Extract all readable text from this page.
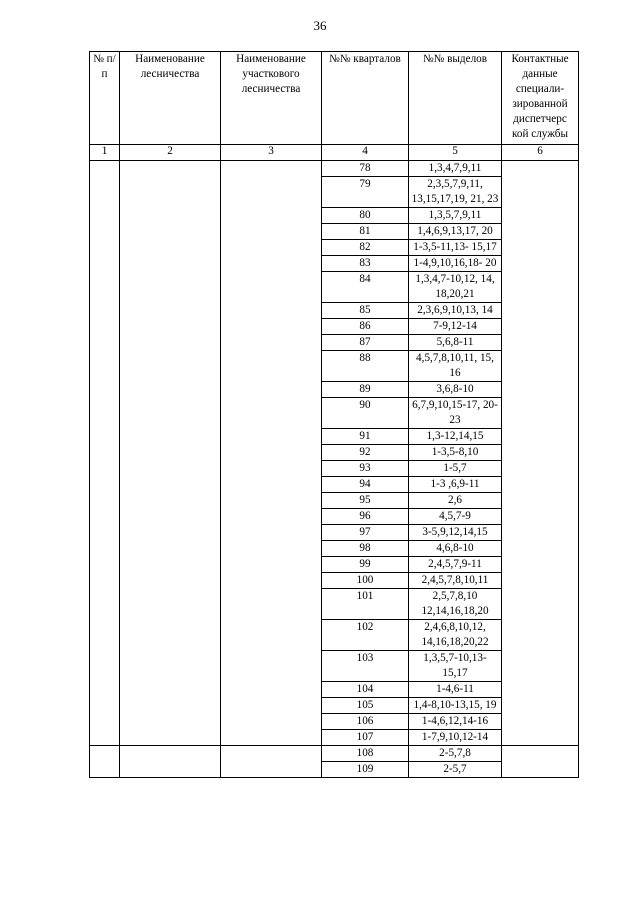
36
№ п/п	Наименование лесничества	Наименование участкового лесничества	№№ кварталов	№№ выделов	Контактные данные специали-зированной диспетчерс кой службы
1	2	3	4	5	6
			78	1,3,4,7,9,11	
			79	2,3,5,7,9,11, 13,15,17,19, 21, 23	
			80	1,3,5,7,9,11	
			81	1,4,6,9,13,17, 20	
			82	1-3,5-11,13- 15,17	
			83	1-4,9,10,16,18- 20	
			84	1,3,4,7-10,12, 14, 18,20,21	
			85	2,3,6,9,10,13, 14	
			86	7-9,12-14	
			87	5,6,8-11	
			88	4,5,7,8,10,11, 15, 16	
			89	3,6,8-10	
			90	6,7,9,10,15-17, 20-23	
			91	1,3-12,14,15	
			92	1-3,5-8,10	
			93	1-5,7	
			94	1-3 ,6,9-11	
			95	2,6	
			96	4,5,7-9	
			97	3-5,9,12,14,15	
			98	4,6,8-10	
			99	2,4,5,7,9-11	
			100	2,4,5,7,8,10,11	
			101	2,5,7,8,10 12,14,16,18,20	
			102	2,4,6,8,10,12, 14,16,18,20,22	
			103	1,3,5,7-10,13- 15,17	
			104	1-4,6-11	
			105	1,4-8,10-13,15, 19	
			106	1-4,6,12,14-16	
			107	1-7,9,10,12-14	
			108	2-5,7,8	
			109	2-5,7	
